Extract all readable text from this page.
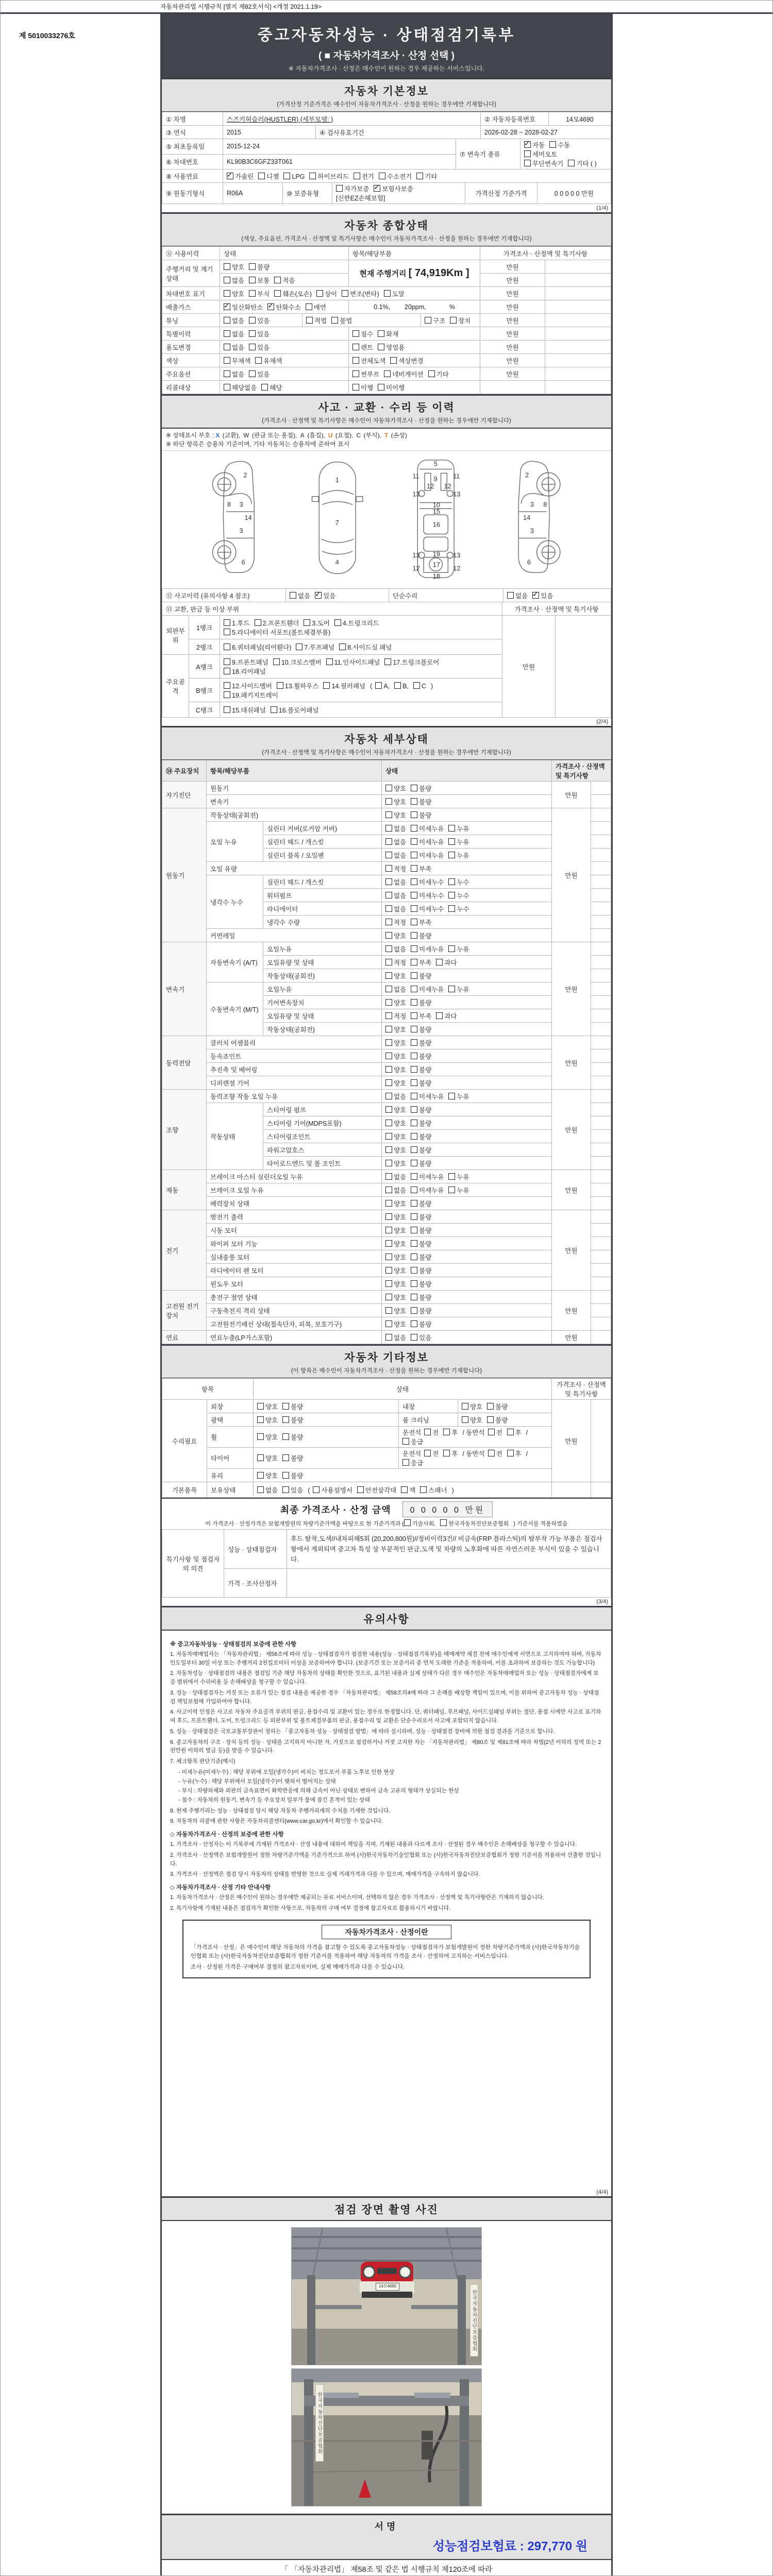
자동차관리법 시행규칙 [별지 제82호서식] <개정 2021.1.19>
제 5010033276호	중고자동차성능 · 상태점검기록부
( ■ 자동차가격조사 · 산정 선택 )
※ 자동차가격조사 · 산정은 매수인이 원하는 경우 제공하는 서비스입니다.
자동차 기본정보
(가격산정 기준가격은 매수인이 자동차가격조사 · 산정을 원하는 경우에만 기재합니다)
① 차명	스즈키허슬러(HUSTLER) (세부모델: )	② 자동차등록번호	14모4690
③ 연식	2015	④ 검사유효기간	2026-02-28 ~ 2028-02-27
⑤ 최초등록일	2015-12-24	⑦ 변속기 종류	✓자동 수동세미오토
무단변속기 기타 ( )
⑥ 차대번호	KL90B3C6GFZ33T061		
⑧ 사용연료	✓가솔린 디젤 LPG 하이브리드 전기 수소전기 기타
⑨ 원동기형식	R06A	⑩ 보증유형	자가보증 ✓ 보험사보증[신한EZ손해보험]	가격산정 기준가격	0 0 0 0 0 만원
(1/4)
자동차 종합상태
(색상, 주요옵션, 가격조사 · 산정액 및 특기사항은 매수인이 자동차가격조사 · 산정을 원하는 경우에만 기재합니다)
⑪ 사용이력	상태	항목/해당부품	가격조사 · 산정액 및 특기사항
주행거리 및 계기상태	양호 불량	현재 주행거리 [ 74,919Km ]	만원	
	많음 보통 적음		만원	
차대번호 표기	양호 부식 훼손(오손) 상이 변조(변타) 도말	만원	
배출가스	✓일산화탄소 ✓ 탄화수소 매연	0.1%,        20ppm,             %	만원	
튜닝	없음 있음	적법 불법	구조 장치	만원	
특별이력	없음 있음	침수 화재	만원	
용도변경	없음 있음	렌트 영업용	만원	
색상	무채색 유채색	전체도색 색상변경	만원	
주요옵션	없음 있음	썬루프 네비게이션 기타	만원	
리콜대상	해당없음 해당	이행 미이행		
사고 · 교환 · 수리 등 이력
(가격조사 · 산정액 및 특기사항은 매수인이 자동차가격조사 · 산정을 원하는 경우에만 기재합니다)
※ 상태표시 부호 : X (교환), W (판금 또는 용접), A (흠집), U (요철), C (부식), T (손상)
※ 하단 항목은 승용차 기준이며, 기타 자동차는 승용차에 준하여 표시
2
8 3
14
3
6
1
7
4
5
11	11
9
13	13
12 12
10
15
16
13	13
19
17
12	12
18
2
3 8
14
3
6
⑫ 사고이력 (유의사항 4 참조)	없음 ✓ 있음	단순수리	없음 ✓ 있음
⑬ 교환, 판금 등 이상 부위	가격조사 · 산정액 및 특기사항
외판부위	1랭크	1.후드 2.프론트휀더 3.도어 4.트렁크리드
5.라디에이터 서포트(볼트체결부품)	만원	
	2랭크	6.쿼터패널(리어휀다) 7.루프패널 8.사이드실 패널		
주요골격	A랭크	9.프론트패널 10.크로스멤버 11.인사이드패널 17.트렁크플로어
18.리어패널		
	B랭크	12.사이드멤버 13.휠하우스 14.필러패널 ( A, B, C )
19.패키지트레이		
	C랭크	15.대쉬패널 16.플로어패널		
(2/4)
자동차 세부상태
(가격조사 · 산정액 및 특기사항은 매수인이 자동차가격조사 · 산정을 원하는 경우에만 기재합니다)
⑭ 주요장치	항목/해당부품		상태	가격조사 · 산정액 및 특기사항	
자기진단	원동기		양호 불량	만원	
	변속기		양호 불량		
원동기	작동상태(공회전)		양호 불량	만원	
	오일 누유	실린더 커버(로커암 커버)	없음 미세누유 누유		
		실린더 헤드 / 개스킷	없음 미세누유 누유		
		실린더 블록 / 오일팬	없음 미세누유 누유		
	오일 유량		적정 부족		
	냉각수 누수	실린더 헤드 / 개스킷	없음 미세누수 누수		
		워터펌프	없음 미세누수 누수		
		라디에이터	없음 미세누수 누수		
		냉각수 수량	적정 부족		
	커먼레일		양호 불량		
변속기	자동변속기 (A/T)	오일누유	없음 미세누유 누유	만원	
		오일유량 및 상태	적정 부족 과다		
		작동상태(공회전)	양호 불량		
	수동변속기 (M/T)	오일누유	없음 미세누유 누유		
		기어변속장치	양호 불량		
		오일유량 및 상태	적정 부족 과다		
		작동상태(공회전)	양호 불량		
동력전달	클러치 어셈블리		양호 불량	만원	
	등속죠인트		양호 불량		
	추진축 및 베어링		양호 불량		
	디퍼렌셜 기어		양호 불량		
조향	동력조향 작동 오일 누유		없음 미세누유 누유	만원	
	작동상태	스티어링 펌프	양호 불량		
		스티어링 기어(MDPS포함)	양호 불량		
		스티어링조인트	양호 불량		
		파워고압호스	양호 불량		
		타이로드엔드 및 볼 조인트	양호 불량		
제동	브레이크 마스터 실린더오일 누유		없음 미세누유 누유	만원	
	브레이크 오일 누유		없음 미세누유 누유		
	배력장치 상태		양호 불량		
전기	발전기 출력		양호 불량	만원	
	시동 모터		양호 불량		
	와이퍼 모터 기능		양호 불량		
	실내송풍 모터		양호 불량		
	라디에이터 팬 모터		양호 불량		
	윈도우 모터		양호 불량		
고전원 전기장치	충전구 절연 상태		양호 불량	만원	
	구동축전지 격리 상태		양호 불량		
	고전원전기배선 상태(접속단자, 피복, 보호기구)		양호 불량		
연료	연료누출(LP가스포함)		없음 있음	만원	
자동차 기타정보
(이 항목은 매수인이 자동차가격조사 · 산정을 원하는 경우에만 기재합니다)
항목	상태	가격조사 · 산정액 및 특기사항
수리필요	외장	양호 불량	내장	양호 불량	만원	
	광택	양호 불량	룸 크리닝	양호 불량		
	휠	양호 불량	운전석 전 후 / 동반석 전 후 /응급			
	타이어	양호 불량	운전석 전 후 / 동반석 전 후 /응급			
	유리	양호 불량				
기본품목	보유상태	없음 있음 ( 사용설명서 안전삼각대 잭 스패너 )				
최종 가격조사 · 산정 금액	0 0 0 0 0 만원
이 가격조사 · 산정가격은 보험개발원의 차량기준가액을 바탕으로 한 기준가격과 ( 기술사회, 한국자동차진단보증협회 ) 기준서를 적용하였음
특기사항 및 점검자의 의견	성능 · 상태점검자	후드 탈착,도색//내차피해5회 (20,200,800원)//정비이력3건// 비금속(FRP 플라스틱)의 탈부착 가능 부품은 점검사항에서 제외되며 중고차 특성 상 부분적인 판금,도색 및 차량의 노후화에 따른 자연스러운 부식이 있을 수 있습니다.
	가격 · 조사산정자	
(3/4)
유의사항
※ 중고자동차성능 · 상태점검의 보증에 관한 사항
1. 자동차매매업자는 「자동차관리법」 제58조에 따라 성능 · 상태점검자가 점검한 내용(성능 · 상태점검기록부)을 매매계약 체결 전에 매수인에게 서면으로 고지하여야 하며, 자동차인도일부터 30일 이상 또는 주행거리 2천킬로미터 이상을 보증하여야 합니다. (보증기간 또는 보증거리 중 먼저 도래한 기준을 적용하며, 이를 초과하여 보증하는 것도 가능합니다)
2. 자동차성능 · 상태점검의 내용은 점검일 기준 해당 자동차의 상태를 확인한 것으로, 표기된 내용과 실제 상태가 다른 경우 매수인은 자동차매매업자 또는 성능 · 상태점검자에게 보증 범위에서 수리비용 등 손해배상을 청구할 수 있습니다.
3. 성능 · 상태점검자는 거짓 또는 오류가 있는 점검 내용을 제공한 경우 「자동차관리법」 제58조의4에 따라 그 손해를 배상할 책임이 있으며, 이를 위하여 중고자동차 성능 · 상태점검 책임보험에 가입하여야 합니다.
4. 사고이력 인정은 사고로 자동차 주요골격 부위의 판금, 용접수리 및 교환이 있는 경우로 한정합니다. 단, 쿼터패널, 루프패널, 사이드실패널 부위는 절단, 용접 시에만 사고로 표기하며 후드, 프론트휀더, 도어, 트렁크리드 등 외판부위 및 볼트체결부품의 판금, 용접수리 및 교환은 단순수리로서 사고에 포함되지 않습니다.
5. 성능 · 상태점검은 국토교통부장관이 정하는 「중고자동차 성능 · 상태점검 방법」에 따라 실시하며, 성능 · 상태점검 장비에 의한 점검 결과를 기준으로 합니다.
6. 중고자동차의 구조 · 장치 등의 성능 · 상태를 고지하지 아니한 자, 거짓으로 점검하거나 거짓 고지한 자는 「자동차관리법」 제80조 및 제81조에 따라 처벌(2년 이하의 징역 또는 2천만원 이하의 벌금 등)을 받을 수 있습니다.
7. 체크항목 판단기준(예시)
- 미세누유(미세누수) : 해당 부위에 오일(냉각수)이 비치는 정도로서 부품 노후로 인한 현상
- 누유(누수) : 해당 부위에서 오일(냉각수)이 맺혀서 떨어지는 상태
- 부식 : 차량하체와 외판의 금속표면이 화학반응에 의해 금속이 아닌 상태로 변하여 금속 고유의 형태가 상실되는 현상
- 침수 : 자동차의 원동기, 변속기 등 주요장치 일부가 물에 잠긴 흔적이 있는 상태
8. 현재 주행거리는 성능 · 상태점검 당시 해당 자동차 주행거리계의 수치를 기재한 것입니다.
9. 자동차의 리콜에 관한 사항은 자동차리콜센터(www.car.go.kr)에서 확인할 수 있습니다.
◇ 자동차가격조사 · 산정의 보증에 관한 사항
1. 가격조사 · 산정자는 이 기록부에 기재된 가격조사 · 산정 내용에 대하여 책임을 지며, 기재된 내용과 다르게 조사 · 산정된 경우 매수인은 손해배상을 청구할 수 있습니다.
2. 가격조사 · 산정액은 보험개발원이 정한 차량기준가액을 기준가격으로 하여 (사)한국자동차기술인협회 또는 (사)한국자동차진단보증협회가 정한 기준서를 적용하여 산출한 것입니다.
3. 가격조사 · 산정액은 점검 당시 자동차의 상태를 반영한 것으로 실제 거래가격과 다를 수 있으며, 매매가격을 구속하지 않습니다.
◇ 자동차가격조사 · 산정 기타 안내사항
1. 자동차가격조사 · 산정은 매수인이 원하는 경우에만 제공되는 유료 서비스이며, 선택하지 않은 경우 가격조사 · 산정액 및 특기사항란은 기재하지 않습니다.
2. 특기사항에 기재된 내용은 점검자가 확인한 사항으로, 자동차의 구매 여부 결정에 참고자료로 활용하시기 바랍니다.
자동차가격조사 · 산정이란
「가격조사 · 산정」은 매수인이 해당 자동차의 가격을 참고할 수 있도록 중고자동차성능 · 상태점검자가 보험개발원이 정한 차량기준가액과 (사)한국자동차기술인협회 또는 (사)한국자동차진단보증협회가 정한 기준서를 적용하여 해당 자동차의 가격을 조사 · 산정하여 고지하는 서비스입니다.
조사 · 산정된 가격은 구매여부 결정의 참고자료이며, 실제 매매가격과 다를 수 있습니다.
(4/4)
점검 장면 촬영 사진
14모4690
한국자동차진단보증협회
한국자동차진단보증협회
서명
성능점검보험료 : 297,770 원
「 「자동차관리법」 제58조 및 같은 법 시행규칙 제120조에 따라
